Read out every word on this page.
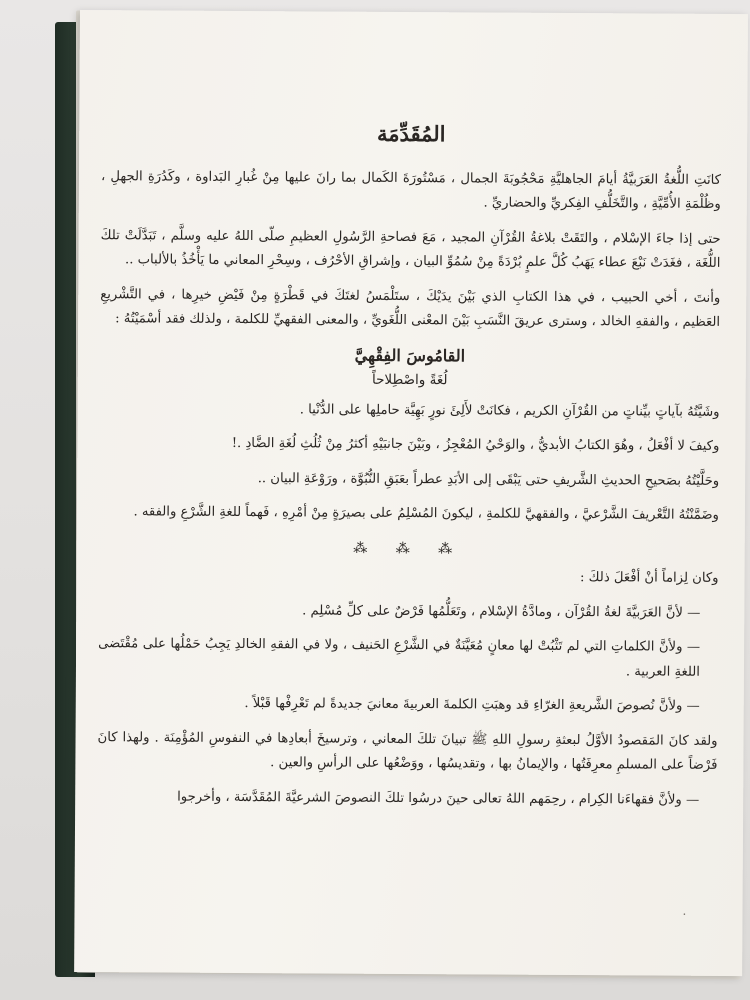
المُقَدِّمَة

كانَتِ اللُّغةُ العَرَبيَّةُ أيامَ الجاهليَّةِ مَحْجُوبَةَ الجمال ، مَسْتُورَةَ الكَمال بما رانَ عليها مِنْ غُبارِ البَداوة ، وكَدُرَةِ الجهلِ ، وظُلْمَةِ الأُمِّيَّةِ ، والتَّخَلُّفِ الفِكريِّ والحضاريِّ .

حتى إذا جاءَ الإسْلام ، والتَقَتْ بلاغةُ القُرْآنِ المجيد ، مَعَ فصاحةِ الرَّسُولِ العظيمِ صلّى اللهُ عليه وسلَّم ، تَبَدَّلَتْ تلكَ اللُّغَة ، فغَدَتْ نَبْعَ عطاء يَهَبُ كُلَّ علمٍ بُرْدَةً مِنْ سُمُوِّ البيان ، وإشراقِ الأحْرُف ، وسِحْرِ المعاني ما يَأْخُذُ بالألباب ..

وأنتَ ، أخي الحبيب ، في هذا الكتابِ الذي بَيْنَ يدَيْكَ ، ستَلْمَسُ لغتَكَ في قَطْرَةٍ مِنْ فَيْضِ خيرِها ، في التَّشْريعِ العَظيم ، والفقهِ الخالد ، وسترى عريقَ النَّسَبِ بَيْنَ المعْنى اللُّغَويِّ ، والمعنى الفقهيِّ للكلمة ، ولذلك فقد أسْمَيْتُهُ :

القامُوسَ الفِقْهِيَّ
لُغَةً واصْطِلاحاً

وشَيَّتُهُ بآياتٍ بيِّناتٍ من القُرْآنِ الكريم ، فكانَتْ لأَلِئَ نورٍ بَهِيَّة حاملِها على الدُّنْيا .

وكيفَ لا أفْعَلُ ، وهُوَ الكتابُ الأبديُّ ، والوَحْيُ المُعْجِزُ ، وبَيْنَ جانبَيْهِ أكثرُ مِنْ ثُلُثِ لُغَةِ الضَّادِ .!

وحَلَّيْتُهُ بصَحيحِ الحديثِ الشَّريفِ حتى يَبْقَى إلى الأبَدِ عطراً بعَبَقِ النُّبُوَّة ، ورَوْعَةِ البيان ..

وضَمَّنْتُهُ التَّعْريفَ الشَّرْعيَّ ، والفقهيَّ للكلمةِ ، ليكونَ المُسْلِمُ على بصيرَةٍ مِنْ أمْرِهِ ، فَهماً للغةِ الشَّرْعِ والفقه .

⁂ ⁂ ⁂

وكان لِزاماً أنْ أفْعَلَ ذلكَ :

— لأنَّ العَرَبيَّةَ لغةُ القُرْآن ، ومادَّةُ الإسْلام ، وتَعَلُّمُها فَرْضٌ على كلِّ مُسْلِم .

— ولأنَّ الكلماتِ التي لم تَثْبُتْ لها معانٍ مُعَيَّنَةٌ في الشَّرْعِ الحَنيف ، ولا في الفقهِ الخالدِ يَجِبُ حَمْلُها على مُقْتَضى اللغةِ العربية .

— ولأنَّ نُصوصَ الشَّريعةِ الغرّاءِ قد وهبَتِ الكلمةَ العربيةَ معانيَ جديدةً لم تَعْرِفْها قَبْلاً .

ولقد كانَ المَقصودُ الأوَّلُ لبعثةِ رسولِ اللهِ ﷺ تبيانَ تلكَ المعاني ، وترسيخَ أبعادِها في النفوسِ المُؤْمِنَة . ولهذا كانَ فَرْضاً على المسلمِ معرِفَتُها ، والإيمانُ بها ، وتقديسُها ، ووَضْعُها على الرأسِ والعين .

— ولأنَّ فقهاءَنا الكِرام ، رحِمَهم اللهُ تعالى حينَ درسُوا تلكَ النصوصَ الشرعيَّةَ المُقَدَّسَة ، وأخرجوا

.
